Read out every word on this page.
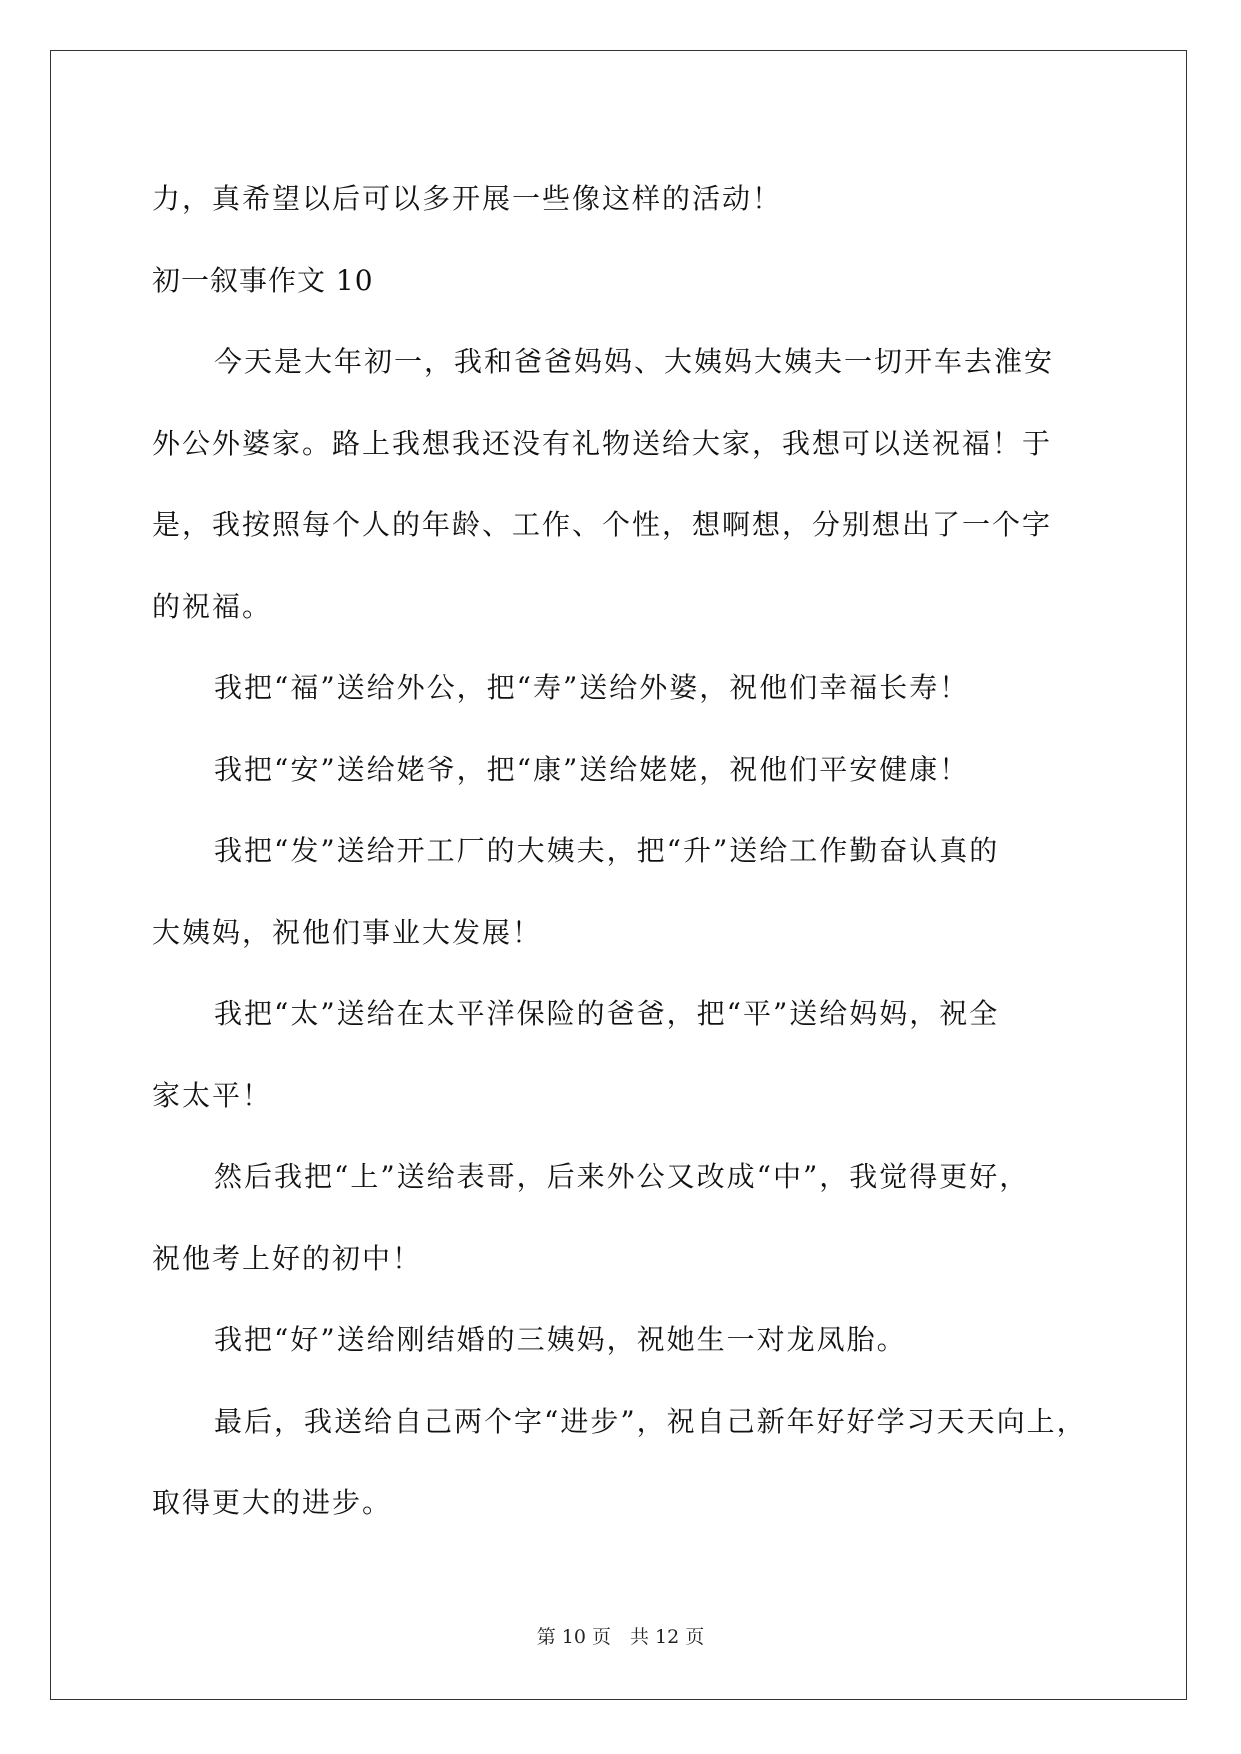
力，真希望以后可以多开展一些像这样的活动！
初一叙事作文 10
今天是大年初一，我和爸爸妈妈、大姨妈大姨夫一切开车去淮安
外公外婆家。路上我想我还没有礼物送给大家，我想可以送祝福！于
是，我按照每个人的年龄、工作、个性，想啊想，分别想出了一个字
的祝福。
我把“福”送给外公，把“寿”送给外婆，祝他们幸福长寿！
我把“安”送给姥爷，把“康”送给姥姥，祝他们平安健康！
我把“发”送给开工厂的大姨夫，把“升”送给工作勤奋认真的
大姨妈，祝他们事业大发展！
我把“太”送给在太平洋保险的爸爸，把“平”送给妈妈，祝全
家太平！
然后我把“上”送给表哥，后来外公又改成“中”，我觉得更好，
祝他考上好的初中！
我把“好”送给刚结婚的三姨妈，祝她生一对龙凤胎。
最后，我送给自己两个字“进步”，祝自己新年好好学习天天向上，
取得更大的进步。
第 10 页　共 12 页
